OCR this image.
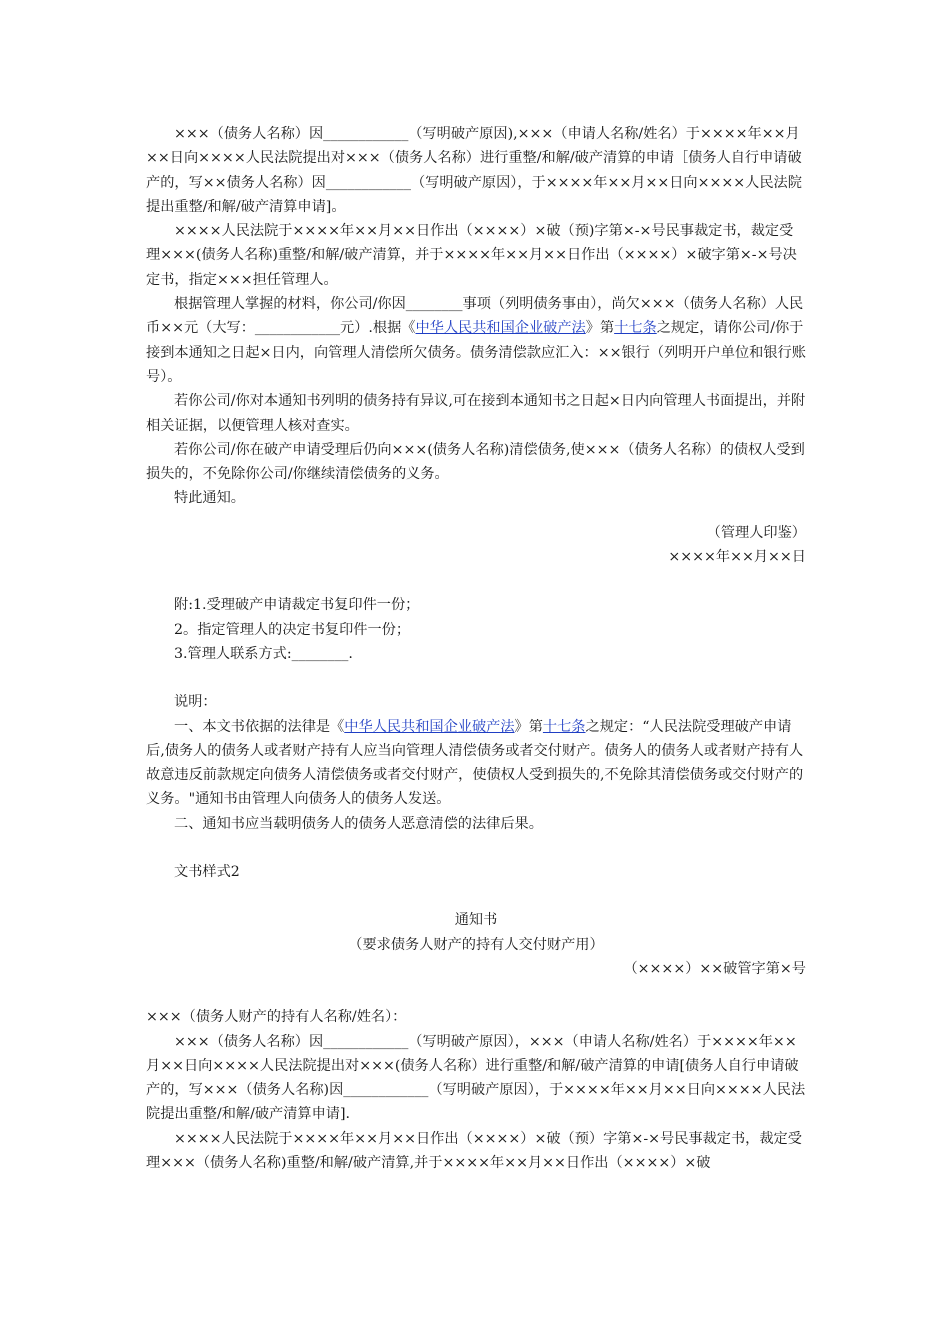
×××（债务人名称）因____________（写明破产原因),×××（申请人名称/姓名）于××××年××月××日向××××人民法院提出对×××（债务人名称）进行重整/和解/破产清算的申请［债务人自行申请破产的，写××债务人名称）因____________（写明破产原因），于××××年××月××日向××××人民法院提出重整/和解/破产清算申请]。

××××人民法院于××××年××月××日作出（××××）×破（预)字第×-×号民事裁定书，裁定受理×××(债务人名称)重整/和解/破产清算，并于××××年××月××日作出（××××）×破字第×-×号决定书，指定×××担任管理人。

根据管理人掌握的材料，你公司/你因________事项（列明债务事由），尚欠×××（债务人名称）人民币××元（大写：____________元）.根据《中华人民共和国企业破产法》第十七条之规定，请你公司/你于接到本通知之日起×日内，向管理人清偿所欠债务。债务清偿款应汇入：××银行（列明开户单位和银行账号）。

若你公司/你对本通知书列明的债务持有异议,可在接到本通知书之日起×日内向管理人书面提出，并附相关证据，以便管理人核对查实。

若你公司/你在破产申请受理后仍向×××(债务人名称)清偿债务,使×××（债务人名称）的债权人受到损失的，不免除你公司/你继续清偿债务的义务。

特此通知。

（管理人印鉴）

××××年××月××日

附:1.受理破产申请裁定书复印件一份；

2。指定管理人的决定书复印件一份；

3.管理人联系方式:________.

说明：

一、本文书依据的法律是《中华人民共和国企业破产法》第十七条之规定：“人民法院受理破产申请后,债务人的债务人或者财产持有人应当向管理人清偿债务或者交付财产。债务人的债务人或者财产持有人故意违反前款规定向债务人清偿债务或者交付财产，使债权人受到损失的,不免除其清偿债务或交付财产的义务。"通知书由管理人向债务人的债务人发送。

二、通知书应当载明债务人的债务人恶意清偿的法律后果。

文书样式2

通知书

（要求债务人财产的持有人交付财产用）

（××××）××破管字第×号

×××（债务人财产的持有人名称/姓名）：

×××（债务人名称）因____________（写明破产原因），×××（申请人名称/姓名）于××××年××月××日向××××人民法院提出对×××(债务人名称）进行重整/和解/破产清算的申请[债务人自行申请破产的，写×××（债务人名称)因____________（写明破产原因），于××××年××月××日向××××人民法院提出重整/和解/破产清算申请].

××××人民法院于××××年××月××日作出（××××）×破（预）字第×-×号民事裁定书，裁定受理×××（债务人名称)重整/和解/破产清算,并于××××年××月××日作出（××××）×破
